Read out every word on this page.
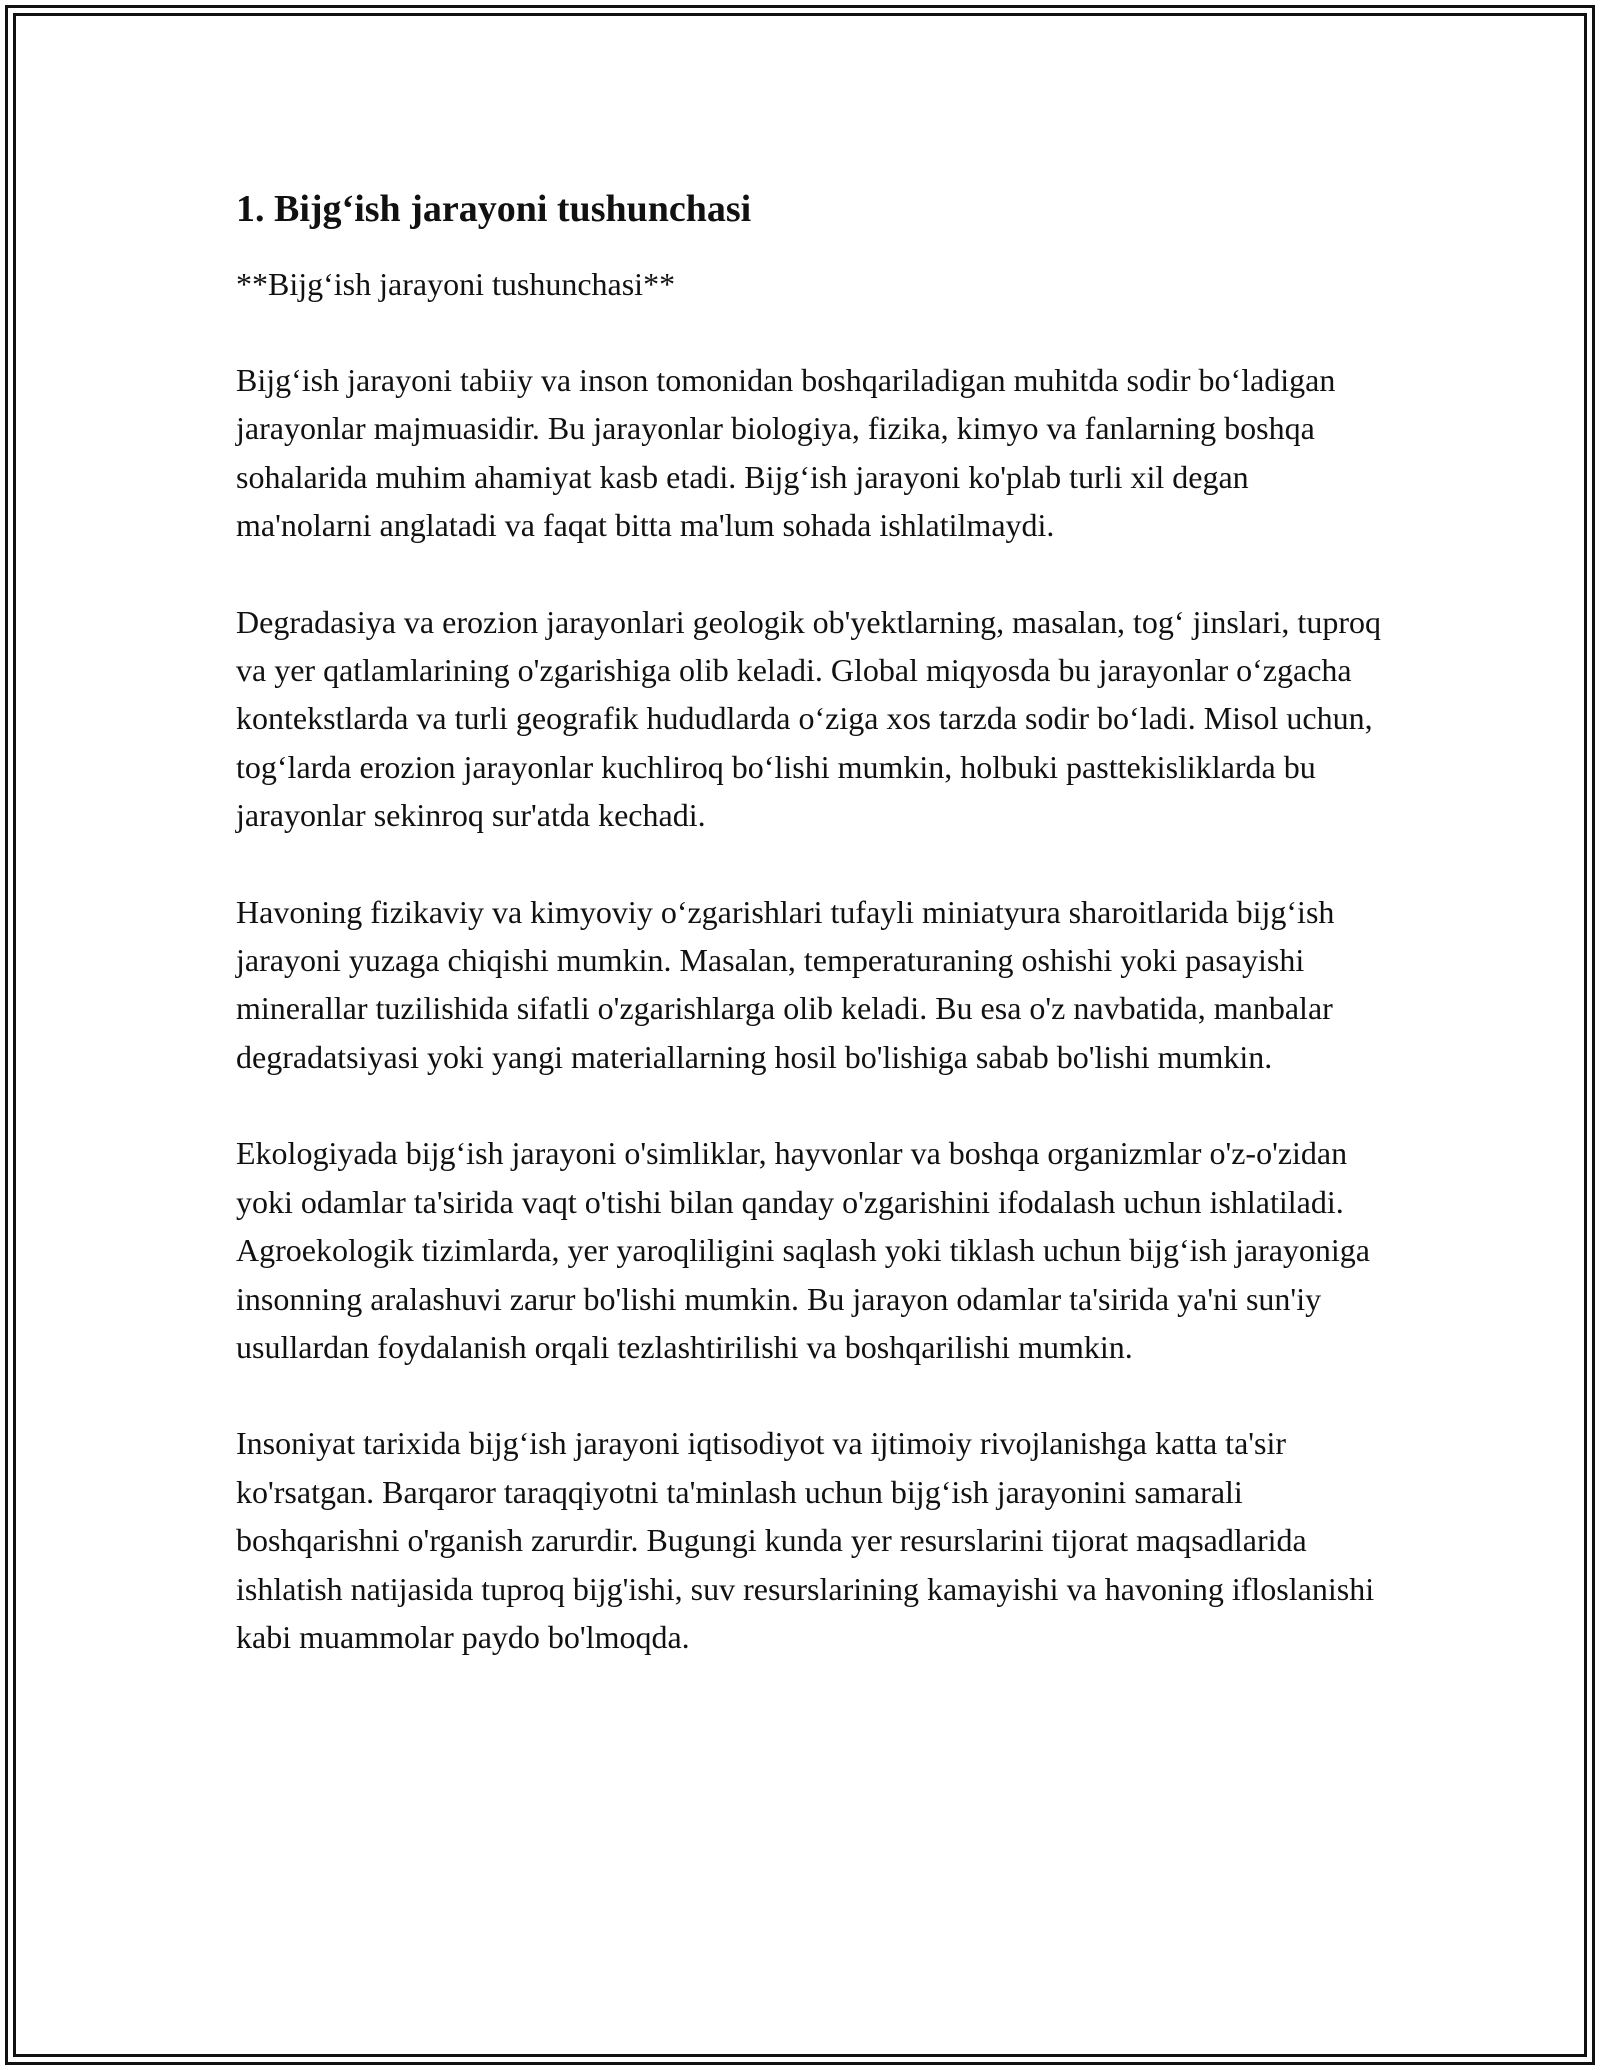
1. Bijg‘ish jarayoni tushunchasi
**Bijg‘ish jarayoni tushunchasi**
Bijg‘ish jarayoni tabiiy va inson tomonidan boshqariladigan muhitda sodir bo‘ladigan jarayonlar majmuasidir. Bu jarayonlar biologiya, fizika, kimyo va fanlarning boshqa sohalarida muhim ahamiyat kasb etadi. Bijg‘ish jarayoni ko'plab turli xil degan ma'nolarni anglatadi va faqat bitta ma'lum sohada ishlatilmaydi.
Degradasiya va erozion jarayonlari geologik ob'yektlarning, masalan, tog‘ jinslari, tuproq va yer qatlamlarining o'zgarishiga olib keladi. Global miqyosda bu jarayonlar o‘zgacha kontekstlarda va turli geografik hududlarda o‘ziga xos tarzda sodir bo‘ladi. Misol uchun, tog‘larda erozion jarayonlar kuchliroq bo‘lishi mumkin, holbuki pasttekisliklarda bu jarayonlar sekinroq sur'atda kechadi.
Havoning fizikaviy va kimyoviy o‘zgarishlari tufayli miniatyura sharoitlarida bijg‘ish jarayoni yuzaga chiqishi mumkin. Masalan, temperaturaning oshishi yoki pasayishi minerallar tuzilishida sifatli o'zgarishlarga olib keladi. Bu esa o'z navbatida, manbalar degradatsiyasi yoki yangi materiallarning hosil bo'lishiga sabab bo'lishi mumkin.
Ekologiyada bijg‘ish jarayoni o'simliklar, hayvonlar va boshqa organizmlar o'z-o'zidan yoki odamlar ta'sirida vaqt o'tishi bilan qanday o'zgarishini ifodalash uchun ishlatiladi. Agroekologik tizimlarda, yer yaroqliligini saqlash yoki tiklash uchun bijg‘ish jarayoniga insonning aralashuvi zarur bo'lishi mumkin. Bu jarayon odamlar ta'sirida ya'ni sun'iy usullardan foydalanish orqali tezlashtirilishi va boshqarilishi mumkin.
Insoniyat tarixida bijg‘ish jarayoni iqtisodiyot va ijtimoiy rivojlanishga katta ta'sir ko'rsatgan. Barqaror taraqqiyotni ta'minlash uchun bijg‘ish jarayonini samarali boshqarishni o'rganish zarurdir. Bugungi kunda yer resurslarini tijorat maqsadlarida ishlatish natijasida tuproq bijg'ishi, suv resurslarining kamayishi va havoning ifloslanishi kabi muammolar paydo bo'lmoqda.
